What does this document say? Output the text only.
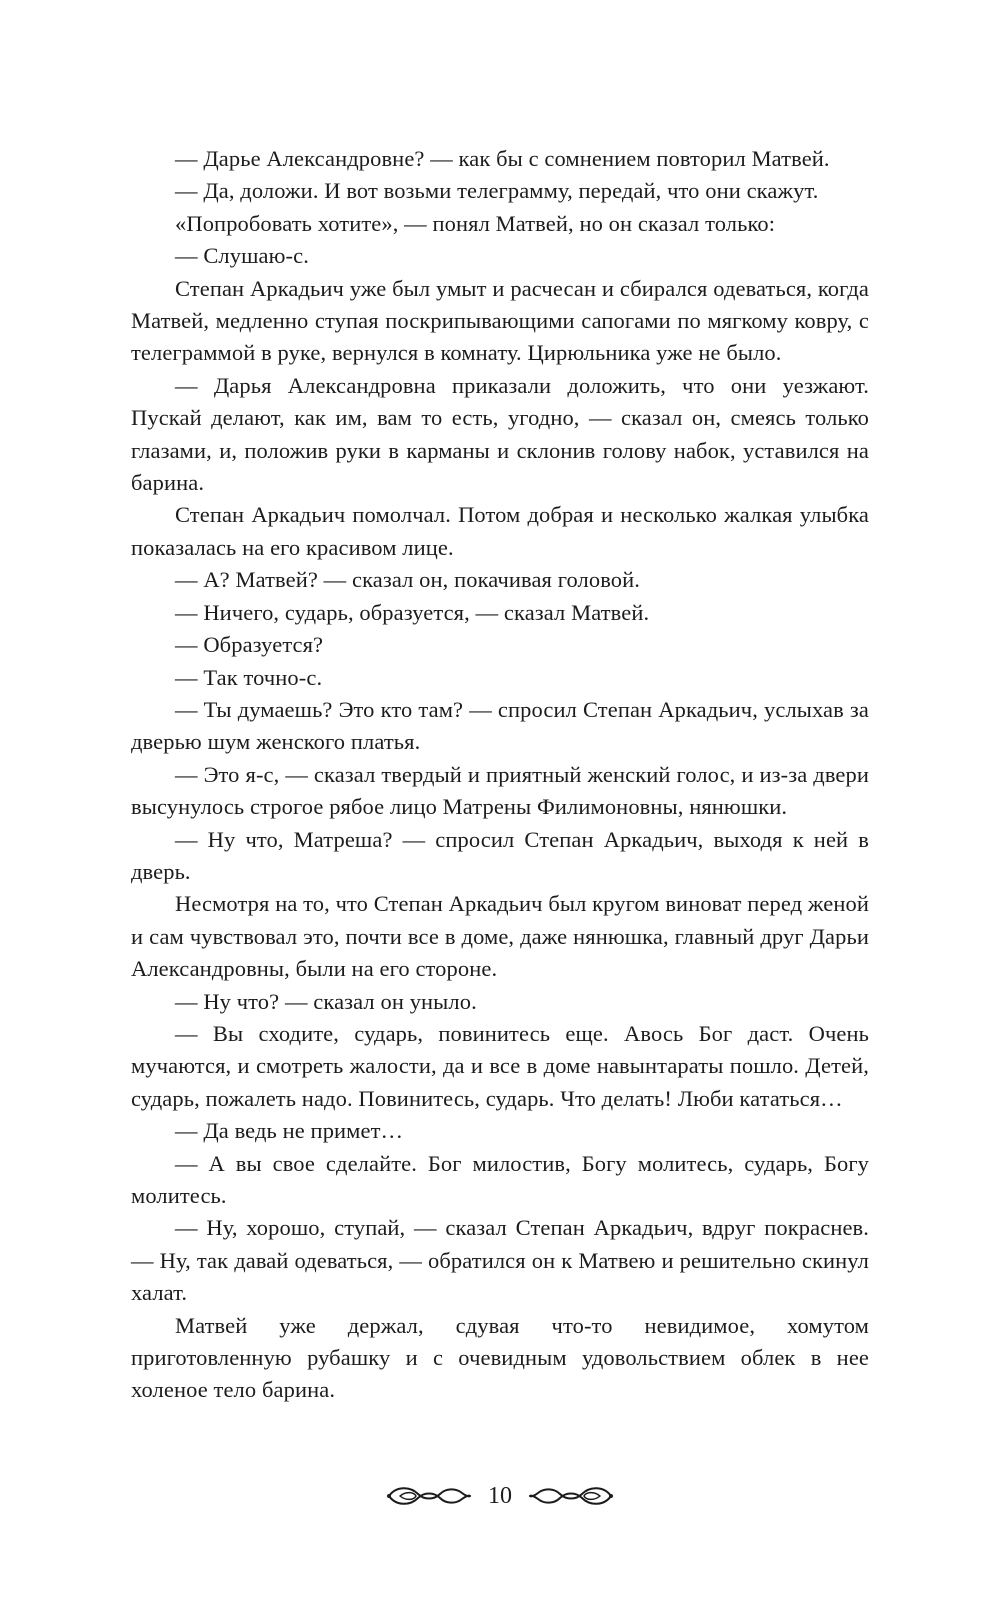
— Дарье Александровне? — как бы с сомнением повторил Матвей.

— Да, доложи. И вот возьми телеграмму, передай, что они скажут.

«Попробовать хотите», — понял Матвей, но он сказал только:

— Слушаю-с.

Степан Аркадьич уже был умыт и расчесан и сбирался одеваться, когда Матвей, медленно ступая поскрипывающими сапогами по мягкому ковру, с телеграммой в руке, вернулся в комнату. Цирюльника уже не было.

— Дарья Александровна приказали доложить, что они уезжают. Пускай делают, как им, вам то есть, угодно, — сказал он, смеясь только глазами, и, положив руки в карманы и склонив голову набок, уставился на барина.

Степан Аркадьич помолчал. Потом добрая и несколько жалкая улыбка показалась на его красивом лице.

— А? Матвей? — сказал он, покачивая головой.

— Ничего, сударь, образуется, — сказал Матвей.

— Образуется?

— Так точно-с.

— Ты думаешь? Это кто там? — спросил Степан Аркадьич, услыхав за дверью шум женского платья.

— Это я-с, — сказал твердый и приятный женский голос, и из-за двери высунулось строгое рябое лицо Матрены Филимоновны, нянюшки.

— Ну что, Матреша? — спросил Степан Аркадьич, выходя к ней в дверь.

Несмотря на то, что Степан Аркадьич был кругом виноват перед женой и сам чувствовал это, почти все в доме, даже нянюшка, главный друг Дарьи Александровны, были на его стороне.

— Ну что? — сказал он уныло.

— Вы сходите, сударь, повинитесь еще. Авось Бог даст. Очень мучаются, и смотреть жалости, да и все в доме навынтараты пошло. Детей, сударь, пожалеть надо. Повинитесь, сударь. Что делать! Люби кататься…

— Да ведь не примет…

— А вы свое сделайте. Бог милостив, Богу молитесь, сударь, Богу молитесь.

— Ну, хорошо, ступай, — сказал Степан Аркадьич, вдруг покраснев. — Ну, так давай одеваться, — обратился он к Матвею и решительно скинул халат.

Матвей уже держал, сдувая что-то невидимое, хомутом приготовленную рубашку и с очевидным удовольствием облек в нее холеное тело барина.

10
